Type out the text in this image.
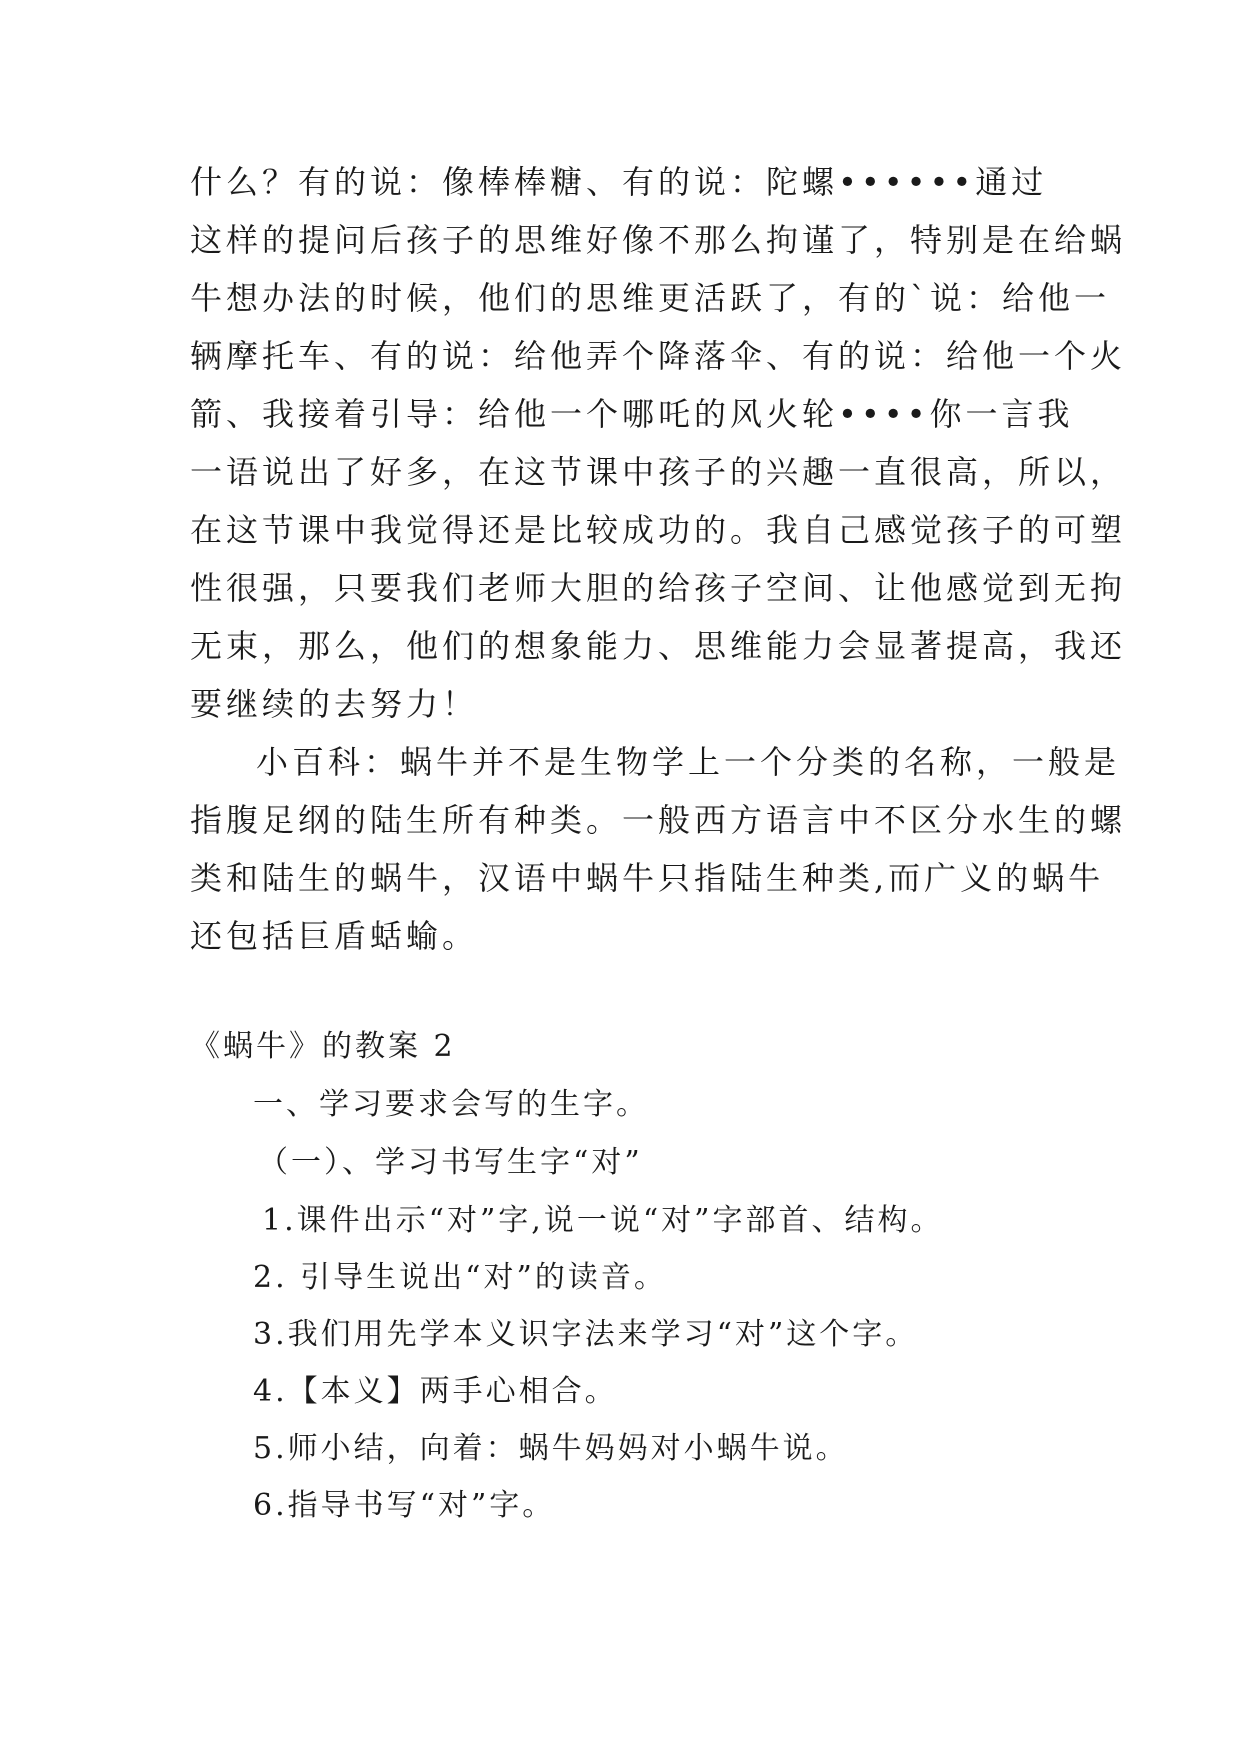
什么？有的说：像棒棒糖、有的说：陀螺••••••通过
这样的提问后孩子的思维好像不那么拘谨了，特别是在给蜗
牛想办法的时候，他们的思维更活跃了，有的`说：给他一
辆摩托车、有的说：给他弄个降落伞、有的说：给他一个火
箭、我接着引导：给他一个哪吒的风火轮••••你一言我
一语说出了好多，在这节课中孩子的兴趣一直很高，所以，
在这节课中我觉得还是比较成功的。我自己感觉孩子的可塑
性很强，只要我们老师大胆的给孩子空间、让他感觉到无拘
无束，那么，他们的想象能力、思维能力会显著提高，我还
要继续的去努力！
小百科：蜗牛并不是生物学上一个分类的名称，一般是
指腹足纲的陆生所有种类。一般西方语言中不区分水生的螺
类和陆生的蜗牛，汉语中蜗牛只指陆生种类,而广义的蜗牛
还包括巨盾蛞蝓。
《蜗牛》的教案 2
一、学习要求会写的生字。
（一）、学习书写生字“对”
1.课件出示“对”字,说一说“对”字部首、结构。
2. 引导生说出“对”的读音。
3.我们用先学本义识字法来学习“对”这个字。
4.【本义】两手心相合。
5.师小结，向着：蜗牛妈妈对小蜗牛说。
6.指导书写“对”字。
